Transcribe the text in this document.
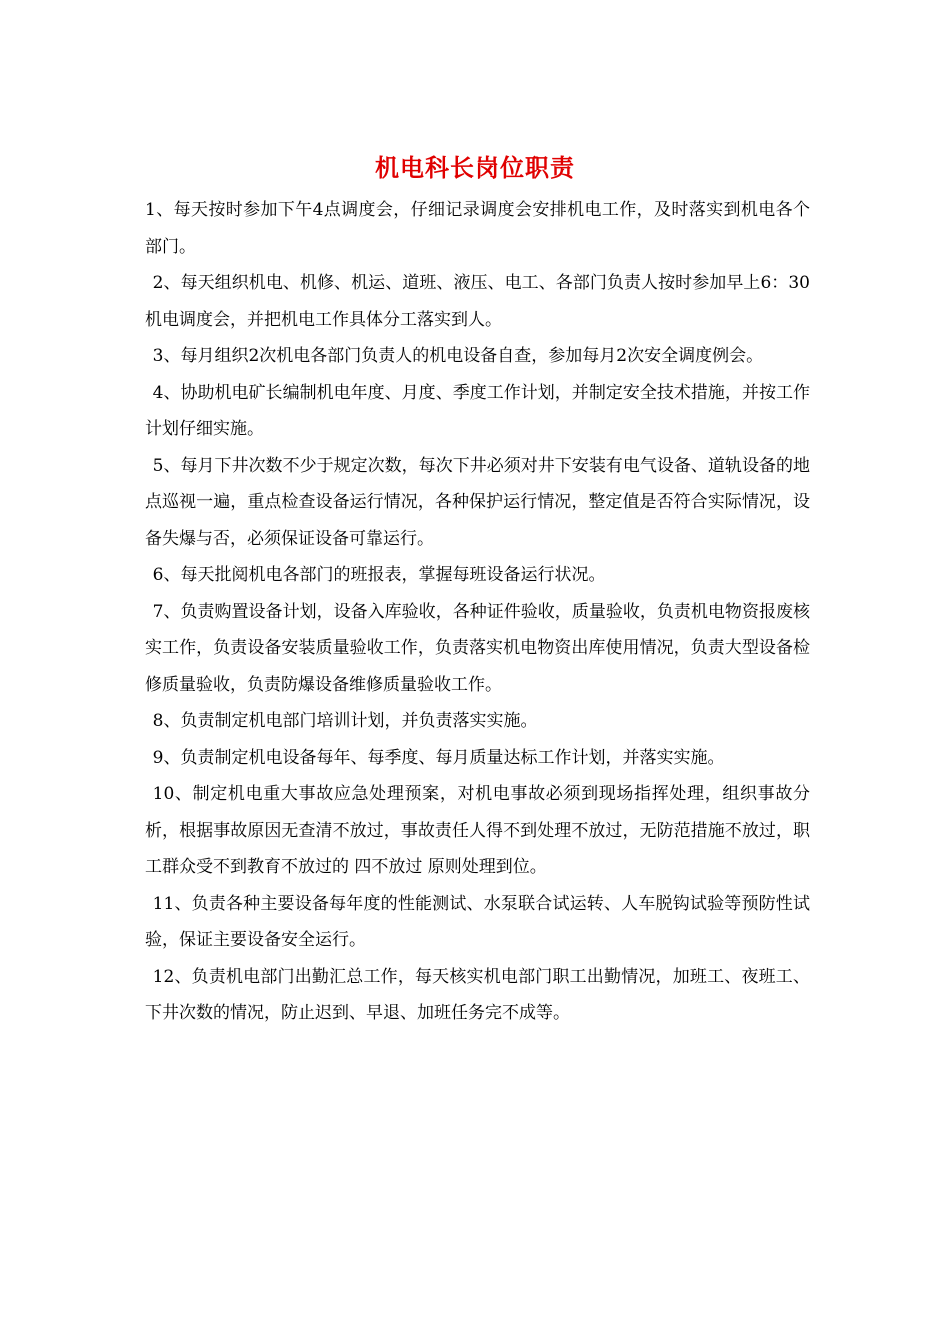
机电科长岗位职责

1、每天按时参加下午4点调度会，仔细记录调度会安排机电工作，及时落实到机电各个部门。

2、每天组织机电、机修、机运、道班、液压、电工、各部门负责人按时参加早上6：30机电调度会，并把机电工作具体分工落实到人。

3、每月组织2次机电各部门负责人的机电设备自查，参加每月2次安全调度例会。

4、协助机电矿长编制机电年度、月度、季度工作计划，并制定安全技术措施，并按工作计划仔细实施。

5、每月下井次数不少于规定次数，每次下井必须对井下安装有电气设备、道轨设备的地点巡视一遍，重点检查设备运行情况，各种保护运行情况，整定值是否符合实际情况，设备失爆与否，必须保证设备可靠运行。

6、每天批阅机电各部门的班报表，掌握每班设备运行状况。

7、负责购置设备计划，设备入库验收，各种证件验收，质量验收，负责机电物资报废核实工作，负责设备安装质量验收工作，负责落实机电物资出库使用情况，负责大型设备检修质量验收，负责防爆设备维修质量验收工作。

8、负责制定机电部门培训计划，并负责落实实施。

9、负责制定机电设备每年、每季度、每月质量达标工作计划，并落实实施。

10、制定机电重大事故应急处理预案，对机电事故必须到现场指挥处理，组织事故分析，根据事故原因无查清不放过，事故责任人得不到处理不放过，无防范措施不放过，职工群众受不到教育不放过的 四不放过 原则处理到位。

11、负责各种主要设备每年度的性能测试、水泵联合试运转、人车脱钩试验等预防性试验，保证主要设备安全运行。

12、负责机电部门出勤汇总工作，每天核实机电部门职工出勤情况，加班工、夜班工、下井次数的情况，防止迟到、早退、加班任务完不成等。
